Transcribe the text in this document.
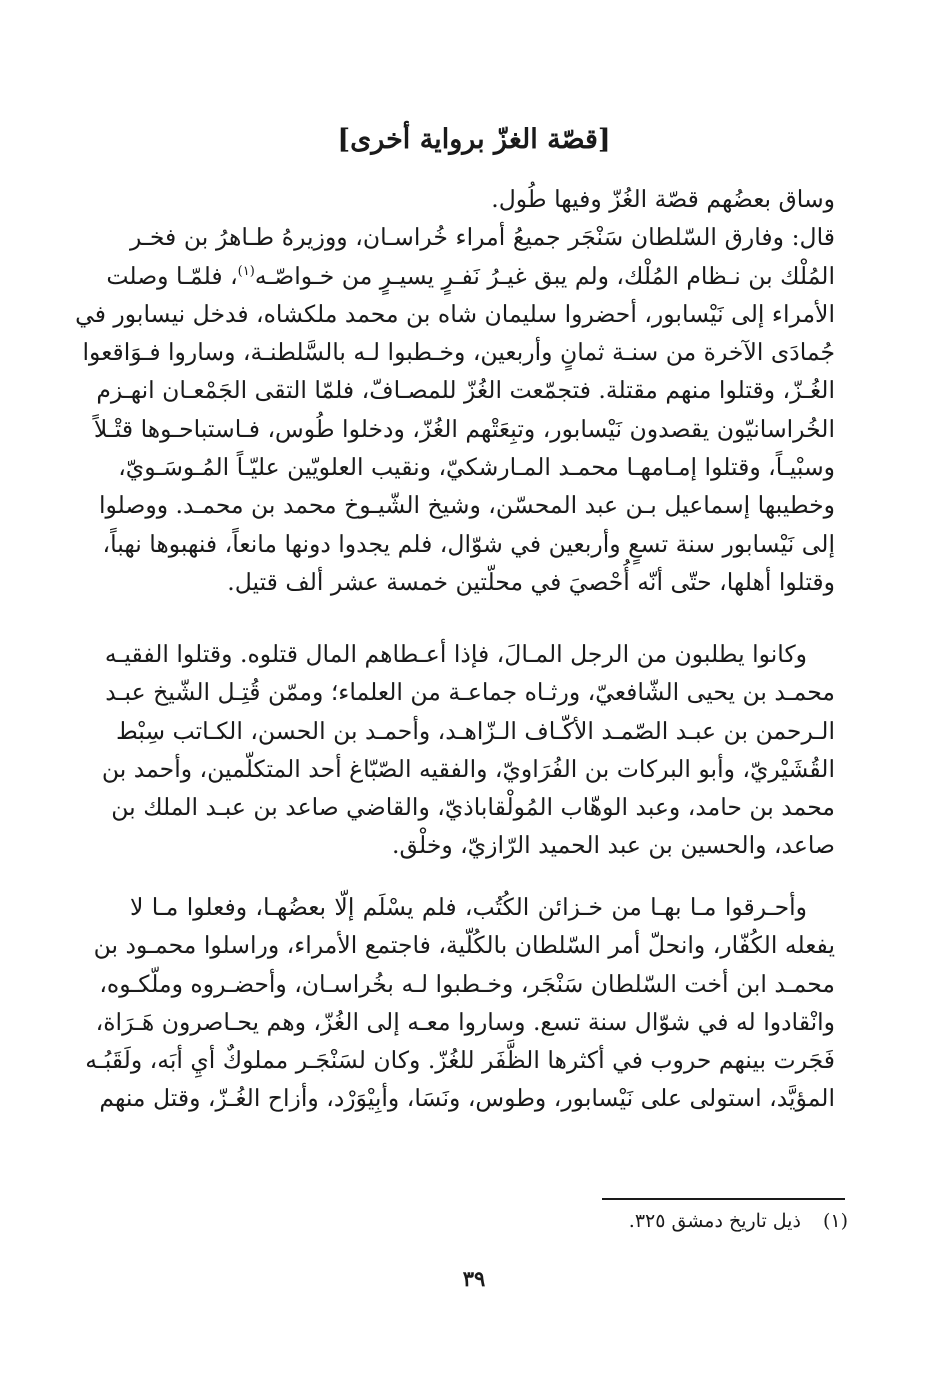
[قصّة الغزّ برواية أخرى]
وساق بعضُهم قصّة الغُزّ وفيها طُول.
قال: وفارق السّلطان سَنْجَر جميعُ أمراء خُراسـان، ووزيرهُ طـاهرُ بن فخـر
المُلْك بن نـظام المُلْك، ولم يبق غيـرُ نَفـرٍ يسيـرٍ من خـواصّـه$^{(١)}$، فلمّـا وصلت
الأمراء إلى نَيْسابور، أحضروا سليمان شاه بن محمد ملكشاه، فدخل نيسابور في
جُمادَى الآخرة من سنـة ثمانٍ وأربعين، وخـطبوا لـه بالسَّلطنـة، وساروا فـوَاقعوا
الغُـزّ، وقتلوا منهم مقتلة. فتجمّعت الغُزّ للمصـافّ، فلمّا التقى الجَمْعـان انهـزم
الخُراسانيّون يقصدون نَيْسابور، وتبِعَتْهم الغُزّ، ودخلوا طُوس، فـاستباحـوها قتْـلاً
وسبْيـاً، وقتلوا إمـامهـا محمـد المـارشكيّ، ونقيب العلويّين عليّـاً المُـوسَـويّ،
وخطيبها إسماعيل بـن عبد المحسّن، وشيخ الشّيـوخ محمد بن محمـد. ووصلوا
إلى نَيْسابور سنة تسعٍ وأربعين في شوّال، فلم يجدوا دونها مانعاً، فنهبوها نهباً،
وقتلوا أهلها، حتّى أنّه أُحْصيَ في محلّتين خمسة عشر ألف قتيل.
وكانوا يطلبون من الرجل المـالَ، فإذا أعـطاهم المال قتلوه. وقتلوا الفقيـه
محمـد بن يحيى الشّافعيّ، ورثـاه جماعـة من العلماء؛ وممّن قُتِـل الشّيخ عبـد
الـرحمن بن عبـد الصّمـد الأكّـاف الـزّاهـد، وأحمـد بن الحسن، الكـاتب سِبْط
القُشَيْريّ، وأبو البركات بن الفُرَاويّ، والفقيه الصّبّاغ أحد المتكلّمين، وأحمد بن
محمد بن حامد، وعبد الوهّاب المُولْقاباذيّ، والقاضي صاعد بن عبـد الملك بن
صاعد، والحسين بن عبد الحميد الرّازيّ، وخلْق.
وأحـرقوا مـا بهـا من خـزائن الكُتُب، فلم يسْلَم إلّا بعضُهـا، وفعلوا مـا لا
يفعله الكُفّار، وانحلّ أمر السّلطان بالكُلّية، فاجتمع الأمراء، وراسلوا محمـود بن
محمـد ابن أخت السّلطان سَنْجَر، وخـطبوا لـه بخُراسـان، وأحضـروه وملّكـوه،
وانْقادوا له في شوّال سنة تسع. وساروا معـه إلى الغُزّ، وهم يحـاصرون هَـرَاة،
فَجَرت بينهم حروب في أكثرها الظَّفَر للغُزّ. وكان لسَنْجَـر مملوكٌ أيِ أبَه، ولَقَبُـه
المؤيَّد، استولى على نَيْسابور، وطوس، ونَسَا، وأبِيْوَرْد، وأزاح الغُـزّ، وقتل منهم
(١)ذيل تاريخ دمشق ٣٢٥.
٣٩
